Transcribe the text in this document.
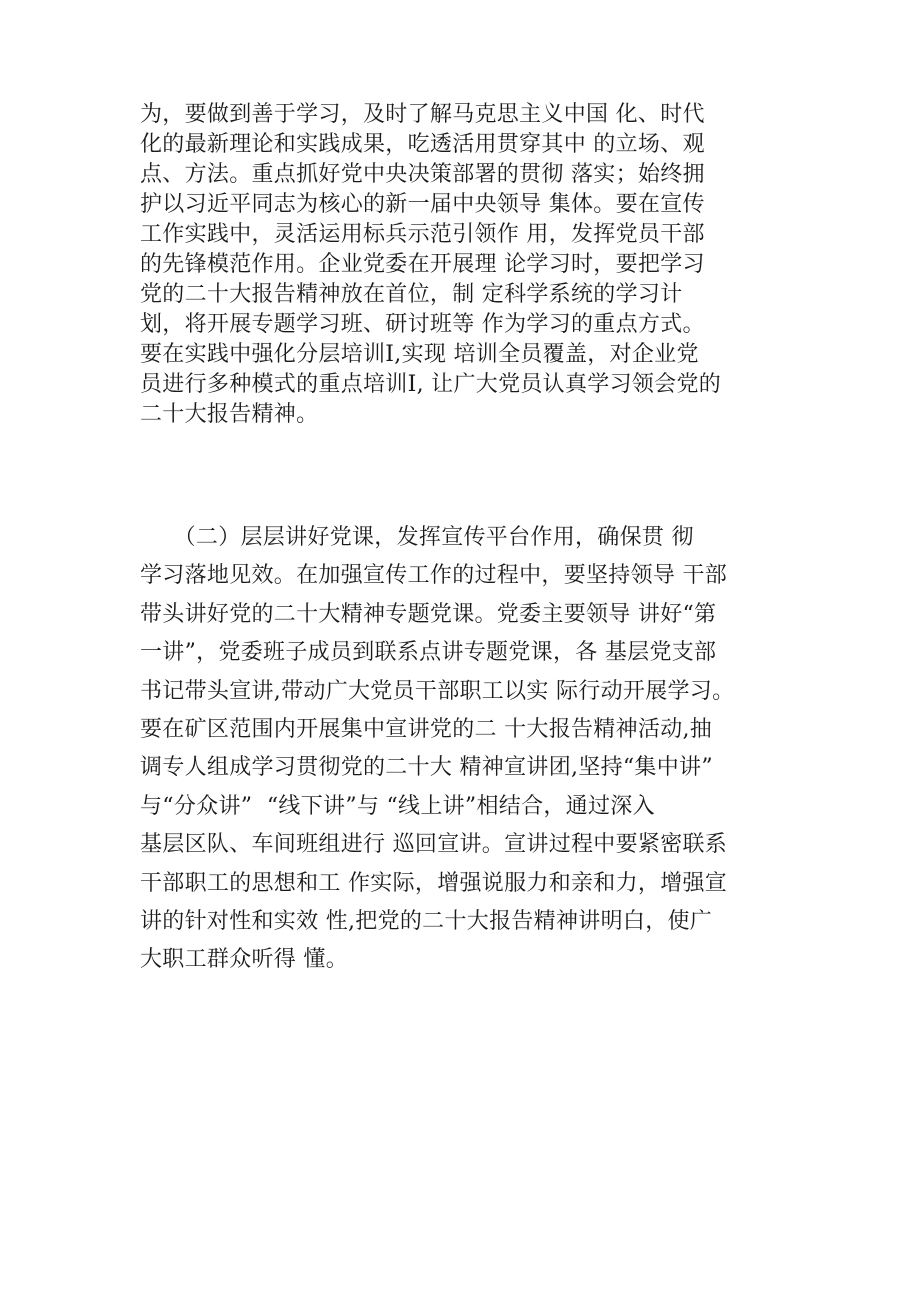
为，要做到善于学习，及时了解马克思主义中国 化、时代
化的最新理论和实践成果，吃透活用贯穿其中 的立场、观
点、方法。重点抓好党中央决策部署的贯彻 落实；始终拥
护以习近平同志为核心的新一届中央领导 集体。要在宣传
工作实践中，灵活运用标兵示范引领作 用，发挥党员干部
的先锋模范作用。企业党委在开展理 论学习时，要把学习
党的二十大报告精神放在首位，制 定科学系统的学习计
划，将开展专题学习班、研讨班等 作为学习的重点方式。
要在实践中强化分层培训I,实现 培训全员覆盖，对企业党
员进行多种模式的重点培训I, 让广大党员认真学习领会党的
二十大报告精神。
　　（二）层层讲好党课，发挥宣传平台作用，确保贯 彻
学习落地见效。在加强宣传工作的过程中，要坚持领导 干部
带头讲好党的二十大精神专题党课。党委主要领导 讲好“第
一讲”，党委班子成员到联系点讲专题党课，各 基层党支部
书记带头宣讲,带动广大党员干部职工以实 际行动开展学习。
要在矿区范围内开展集中宣讲党的二 十大报告精神活动,抽
调专人组成学习贯彻党的二十大 精神宣讲团,坚持“集中讲”
与“分众讲”  “线下讲”与 “线上讲”相结合，通过深入
基层区队、车间班组进行 巡回宣讲。宣讲过程中要紧密联系
干部职工的思想和工 作实际，增强说服力和亲和力，增强宣
讲的针对性和实效 性,把党的二十大报告精神讲明白，使广
大职工群众听得 懂。
